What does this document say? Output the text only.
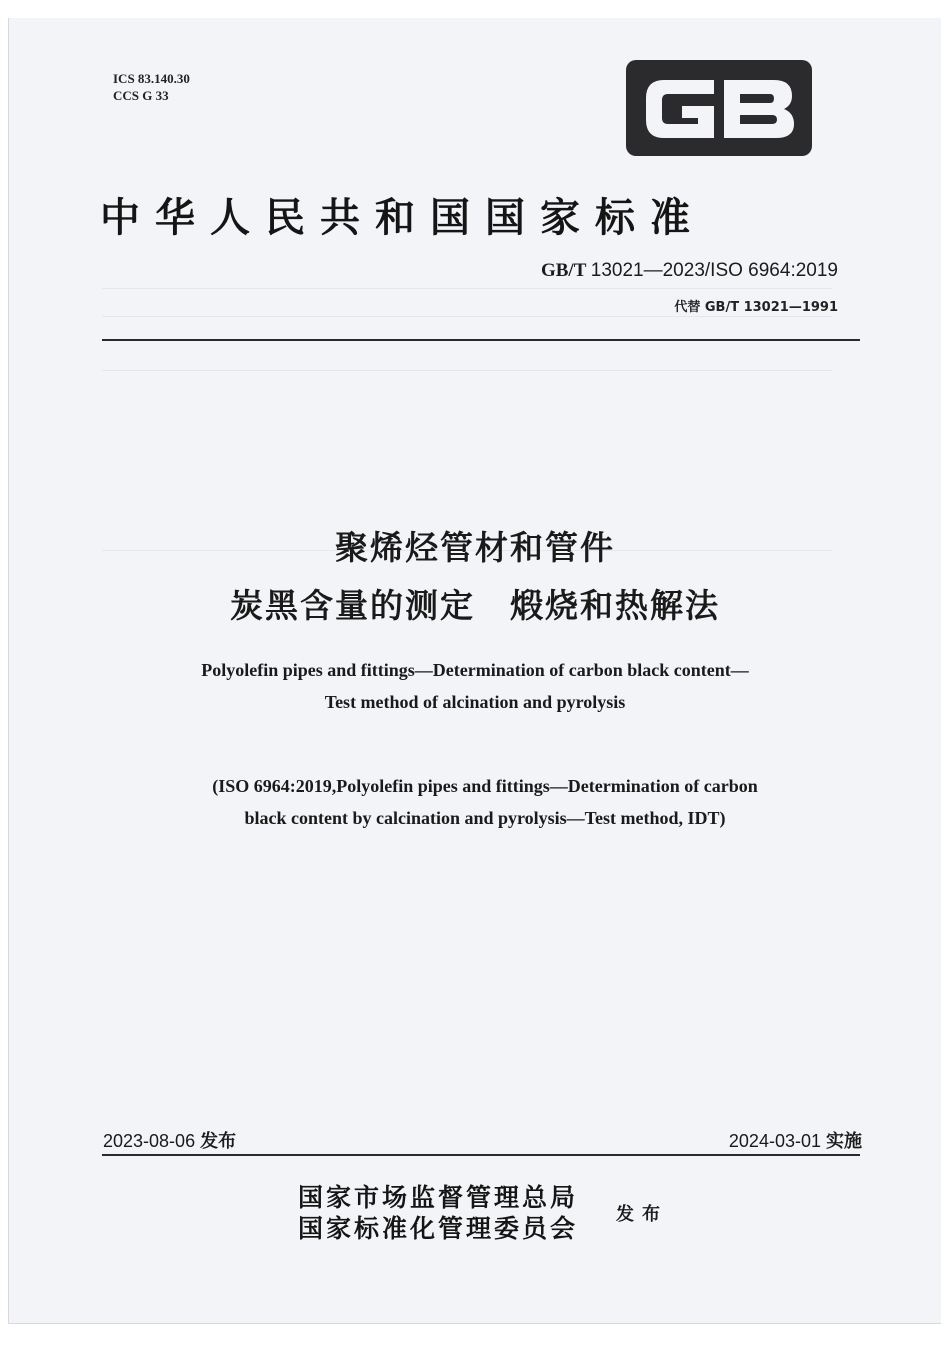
ICS 83.140.30
CCS G 33
中华人民共和国国家标准
GB/T 13021—2023/ISO 6964:2019
代替 GB/T 13021—1991
聚烯烃管材和管件
炭黑含量的测定　煅烧和热解法
Polyolefin pipes and fittings—Determination of carbon black content—
Test method of alcination and pyrolysis
(ISO 6964:2019,Polyolefin pipes and fittings—Determination of carbon
black content by calcination and pyrolysis—Test method, IDT)
2023-08-06 发布	2024-03-01 实施
国家市场监督管理总局
国家标准化管理委员会 发布
